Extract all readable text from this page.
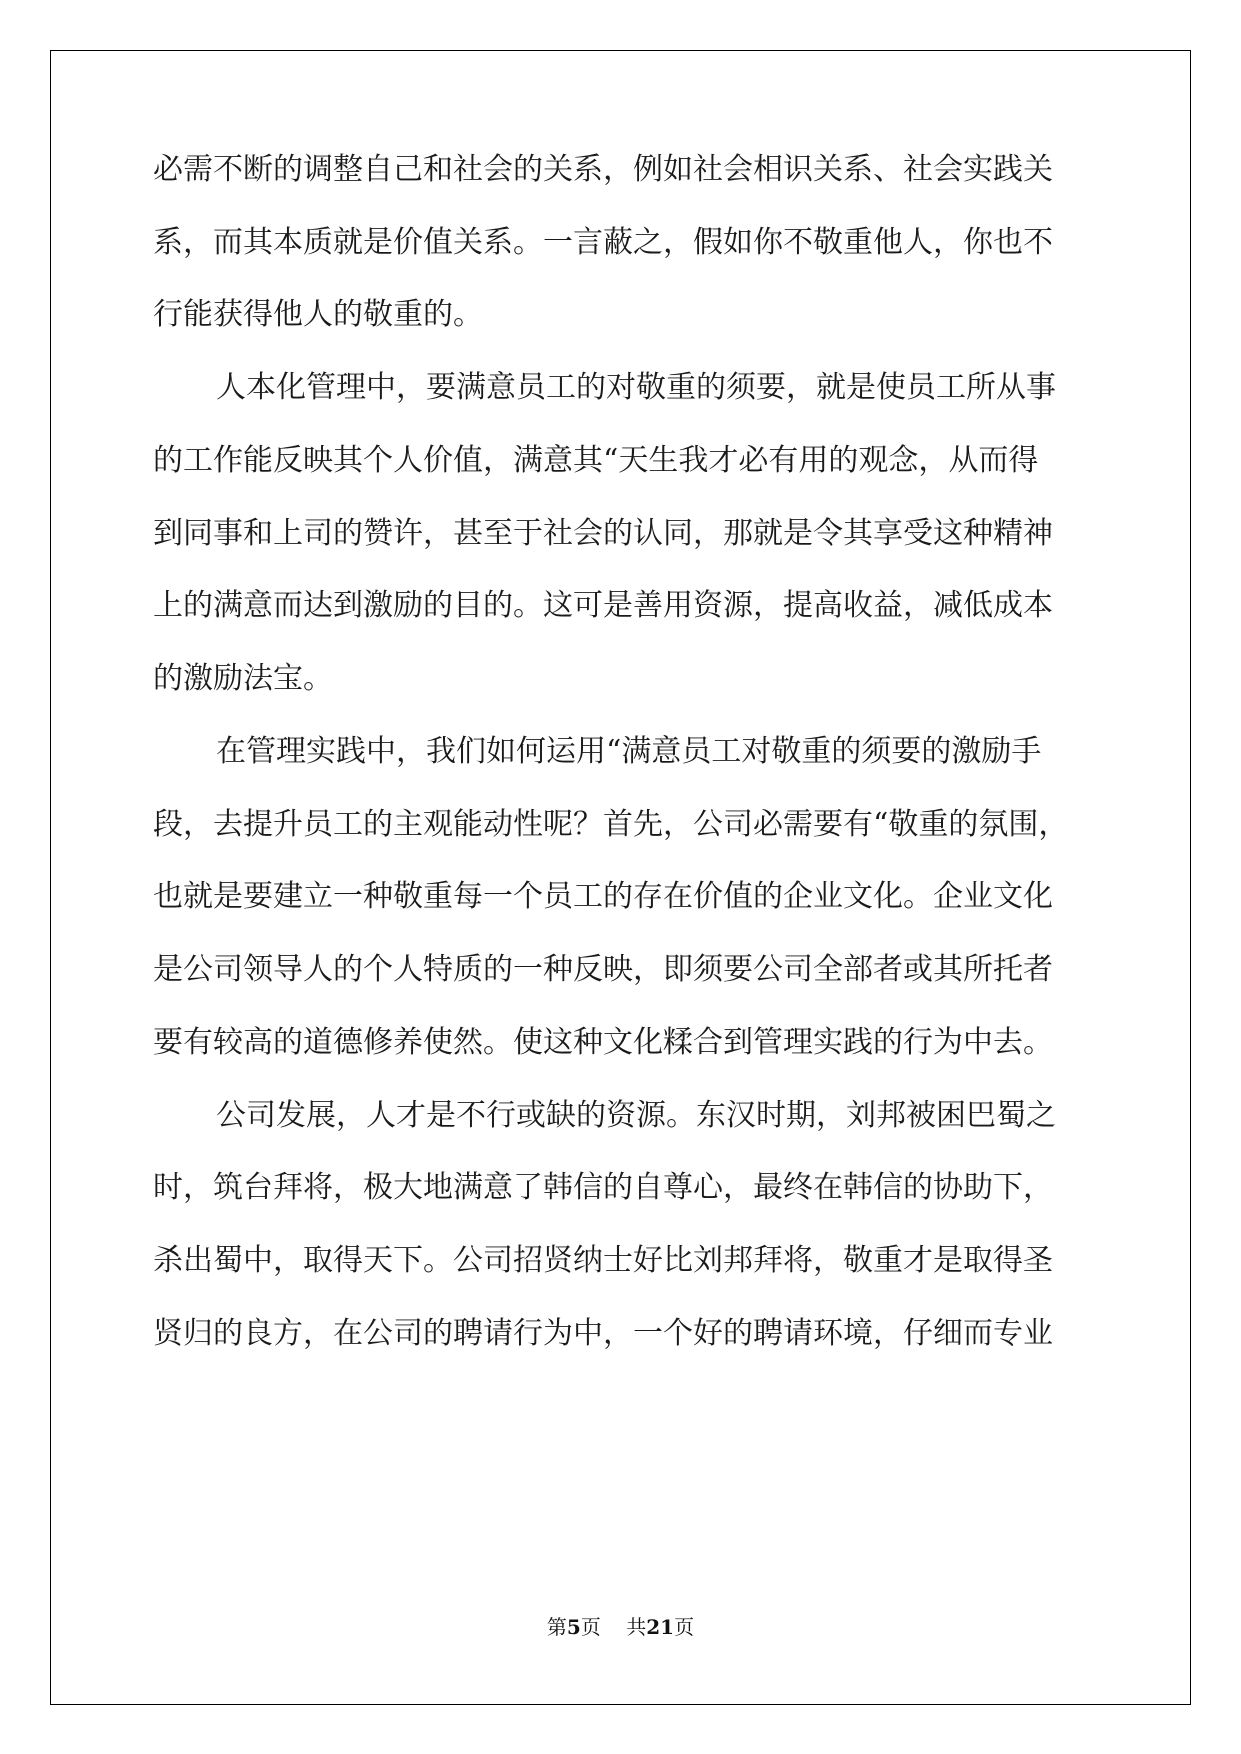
必需不断的调整自己和社会的关系，例如社会相识关系、社会实践关
系，而其本质就是价值关系。一言蔽之，假如你不敬重他人，你也不
行能获得他人的敬重的。
人本化管理中，要满意员工的对敬重的须要，就是使员工所从事
的工作能反映其个人价值，满意其“天生我才必有用的观念，从而得
到同事和上司的赞许，甚至于社会的认同，那就是令其享受这种精神
上的满意而达到激励的目的。这可是善用资源，提高收益，减低成本
的激励法宝。
在管理实践中，我们如何运用“满意员工对敬重的须要的激励手
段，去提升员工的主观能动性呢？首先，公司必需要有“敬重的氛围，
也就是要建立一种敬重每一个员工的存在价值的企业文化。企业文化
是公司领导人的个人特质的一种反映，即须要公司全部者或其所托者
要有较高的道德修养使然。使这种文化糅合到管理实践的行为中去。
公司发展，人才是不行或缺的资源。东汉时期，刘邦被困巴蜀之
时，筑台拜将，极大地满意了韩信的自尊心，最终在韩信的协助下，
杀出蜀中，取得天下。公司招贤纳士好比刘邦拜将，敬重才是取得圣
贤归的良方，在公司的聘请行为中，一个好的聘请环境，仔细而专业
第5页 共21页
